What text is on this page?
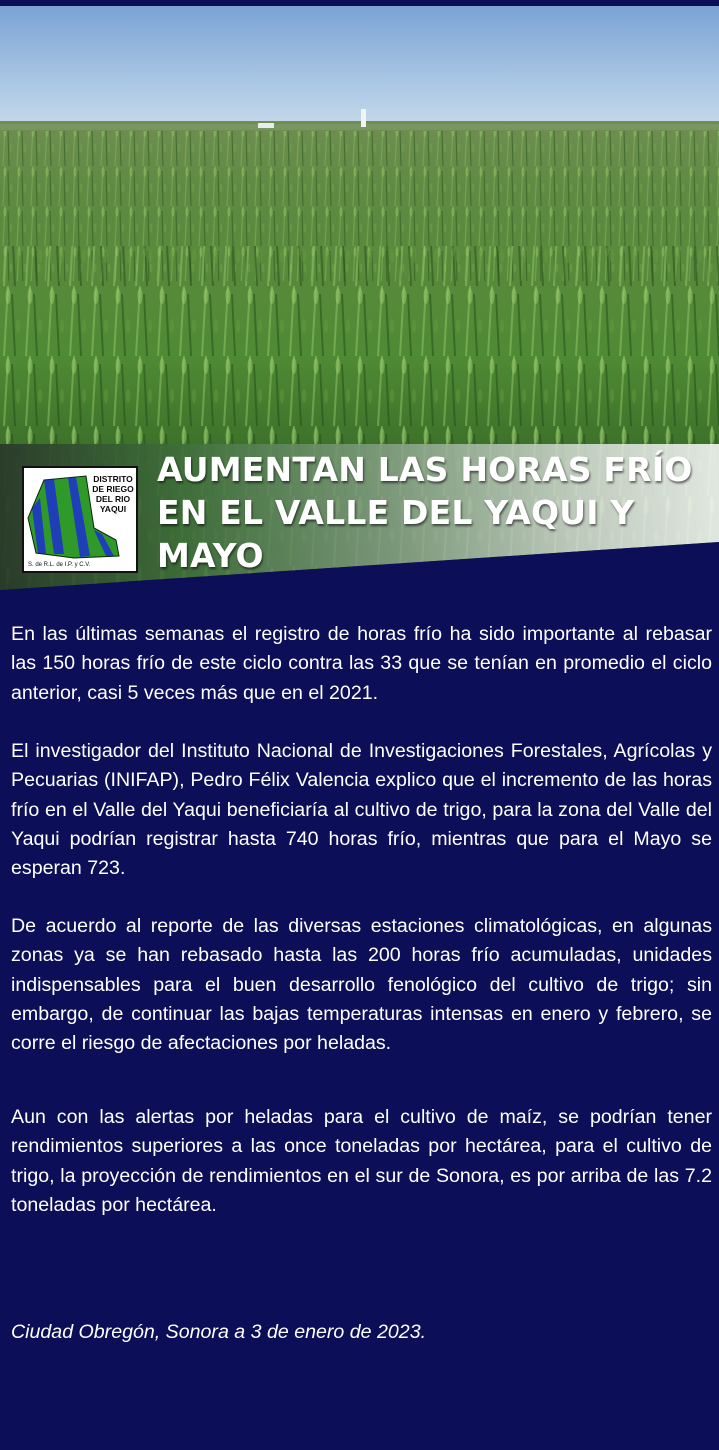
DISTRITO
DE RIEGO
DEL RIO
YAQUI
S. de R.L. de I.P. y C.V.
AUMENTAN LAS HORAS FRÍO EN EL VALLE DEL YAQUI Y MAYO

En las últimas semanas el registro de horas frío ha sido importante al rebasar las 150 horas frío de este ciclo contra las 33 que se tenían en promedio el ciclo anterior, casi 5 veces más que en el 2021.

El investigador del Instituto Nacional de Investigaciones Forestales, Agrícolas y Pecuarias (INIFAP), Pedro Félix Valencia explico que el incremento de las horas frío en el Valle del Yaqui beneficiaría al cultivo de trigo, para la zona del Valle del Yaqui podrían registrar hasta 740 horas frío, mientras que para el Mayo se esperan 723.

De acuerdo al reporte de las diversas estaciones climatológicas, en algunas zonas ya se han rebasado hasta las 200 horas frío acumuladas, unidades indispensables para el buen desarrollo fenológico del cultivo de trigo; sin embargo, de continuar las bajas temperaturas intensas en enero y febrero, se corre el riesgo de afectaciones por heladas.

Aun con las alertas por heladas para el cultivo de maíz, se podrían tener rendimientos superiores a las once toneladas por hectárea, para el cultivo de trigo, la proyección de rendimientos en el sur de Sonora, es por arriba de las 7.2 toneladas por hectárea.

Ciudad Obregón, Sonora a 3 de enero de 2023.
